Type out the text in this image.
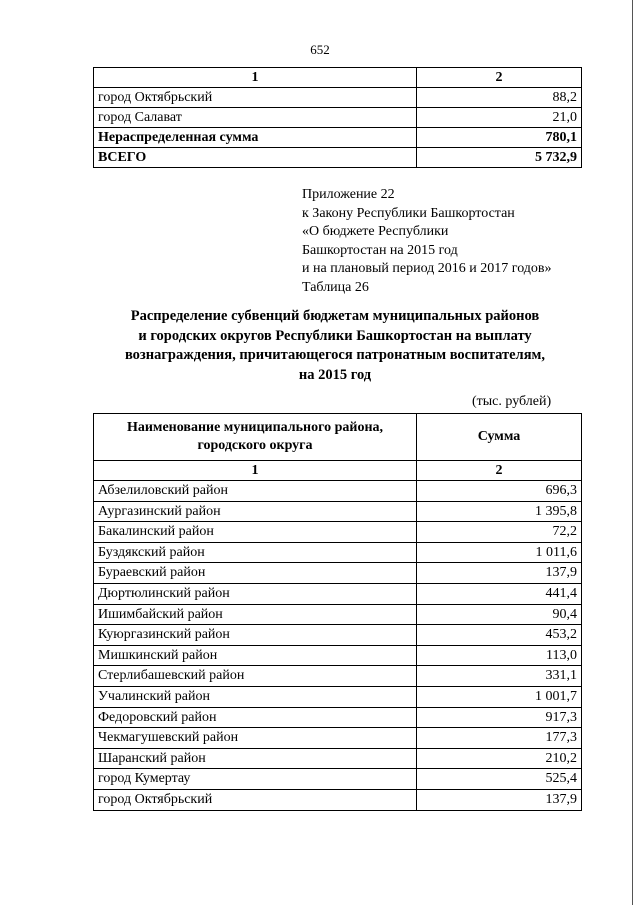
652
1	2
город Октябрьский	88,2
город Салават	21,0
Нераспределенная сумма	780,1
ВСЕГО	5 732,9
Приложение 22
к Закону Республики Башкортостан
«О бюджете Республики
Башкортостан на 2015 год
и на плановый период 2016 и 2017 годов»
Таблица 26
Распределение субвенций бюджетам муниципальных районов
и городских округов Республики Башкортостан на выплату
вознаграждения, причитающегося патронатным воспитателям,
на 2015 год
(тыс. рублей)
Наименование муниципального района, городского округа	Сумма
1	2
Абзелиловский район	696,3
Аургазинский район	1 395,8
Бакалинский район	72,2
Буздякский район	1 011,6
Бураевский район	137,9
Дюртюлинский район	441,4
Ишимбайский район	90,4
Куюргазинский район	453,2
Мишкинский район	113,0
Стерлибашевский район	331,1
Учалинский район	1 001,7
Федоровский район	917,3
Чекмагушевский район	177,3
Шаранский район	210,2
город Кумертау	525,4
город Октябрьский	137,9
